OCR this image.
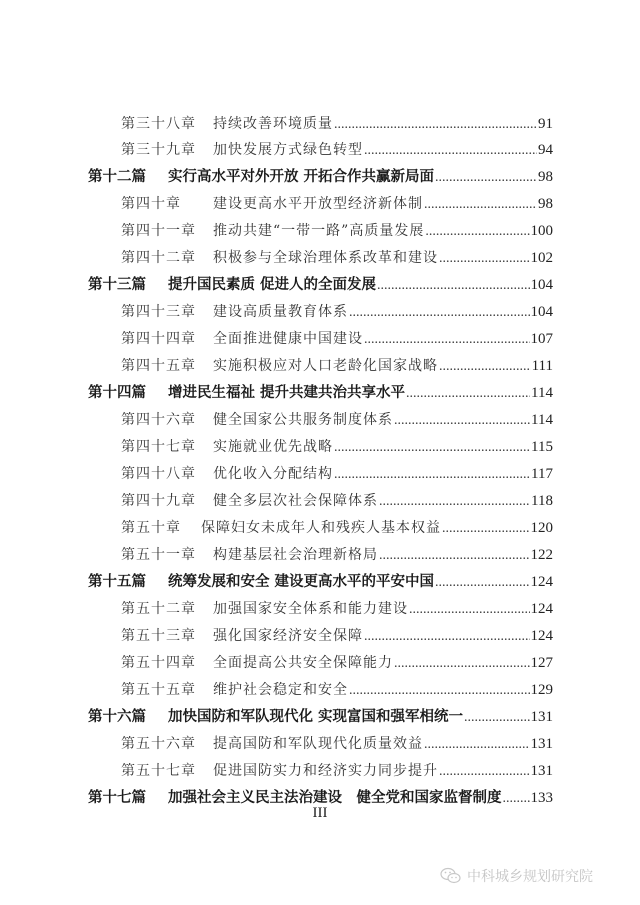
第三十八章	持续改善环境质量 .....	91
第三十九章	加快发展方式绿色转型 .....	94
第十二篇	实行高水平对外开放 开拓合作共赢新局面 .....	98
第四十章	建设更高水平开放型经济新体制 .....	98
第四十一章	推动共建“一带一路”高质量发展 .....	100
第四十二章	积极参与全球治理体系改革和建设 .....	102
第十三篇	提升国民素质 促进人的全面发展 .....	104
第四十三章	建设高质量教育体系 .....	104
第四十四章	全面推进健康中国建设 .....	107
第四十五章	实施积极应对人口老龄化国家战略 .....	111
第十四篇	增进民生福祉 提升共建共治共享水平 .....	114
第四十六章	健全国家公共服务制度体系 .....	114
第四十七章	实施就业优先战略 .....	115
第四十八章	优化收入分配结构 .....	117
第四十九章	健全多层次社会保障体系 .....	118
第五十章	保障妇女未成年人和残疾人基本权益 .....	120
第五十一章	构建基层社会治理新格局 .....	122
第十五篇	统筹发展和安全 建设更高水平的平安中国 .....	124
第五十二章	加强国家安全体系和能力建设 .....	124
第五十三章	强化国家经济安全保障 .....	124
第五十四章	全面提高公共安全保障能力 .....	127
第五十五章	维护社会稳定和安全 .....	129
第十六篇	加快国防和军队现代化 实现富国和强军相统一 .....	131
第五十六章	提高国防和军队现代化质量效益 .....	131
第五十七章	促进国防实力和经济实力同步提升 .....	131
第十七篇	加强社会主义民主法治建设　健全党和国家监督制度 ..... 133
III
中科城乡规划研究院
